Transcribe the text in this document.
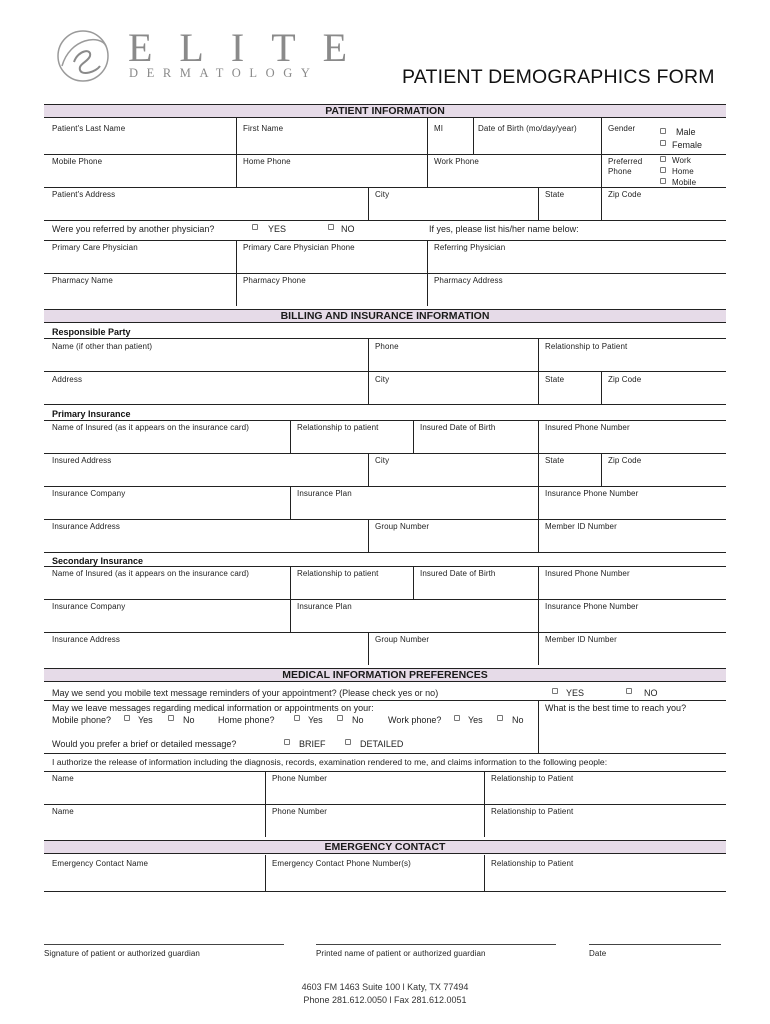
ELITE
DERMATOLOGY	PATIENT DEMOGRAPHICS FORM
PATIENT INFORMATION
Patient's Last Name	First Name	MI	Date of Birth (mo/day/year)	Gender	Male
Female
Mobile Phone	Home Phone	Work Phone	Preferred
Phone
Work
Home
Mobile
Patient's Address	City	State	Zip Code
Were you referred by another physician?	YES	NO	If yes, please list his/her name below:
Primary Care Physician	Primary Care Physician Phone	Referring Physician
Pharmacy Name	Pharmacy Phone	Pharmacy Address
BILLING AND INSURANCE INFORMATION
Responsible Party
Name (if other than patient)	Phone	Relationship to Patient
Address	City	State	Zip Code
Primary Insurance
Name of Insured (as it appears on the insurance card)	Relationship to patient	Insured Date of Birth	Insured Phone Number
Insured Address	City	State	Zip Code
Insurance Company	Insurance Plan	Insurance Phone Number
Insurance Address	Group Number	Member ID Number
Secondary Insurance
Name of Insured (as it appears on the insurance card)	Relationship to patient	Insured Date of Birth	Insured Phone Number
Insurance Company	Insurance Plan	Insurance Phone Number
Insurance Address	Group Number	Member ID Number
MEDICAL INFORMATION PREFERENCES
May we send you mobile text message reminders of your appointment? (Please check yes or no)	YES	NO
May we leave messages regarding medical information or appointments on your:
Mobile phone?	Yes	No	Home phone?	Yes	No	Work phone?	Yes	No
What is the best time to reach you?
Would you prefer a brief or detailed message?	BRIEF	DETAILED
I authorize the release of information including the diagnosis, records, examination rendered to me, and claims information to the following people:
Name	Phone Number	Relationship to Patient
Name	Phone Number	Relationship to Patient
EMERGENCY CONTACT
Emergency Contact Name	Emergency Contact Phone Number(s)	Relationship to Patient
Signature of patient or authorized guardian	Printed name of patient or authorized guardian	Date
4603 FM 1463 Suite 100 l Katy, TX 77494
Phone 281.612.0050 l Fax 281.612.0051
